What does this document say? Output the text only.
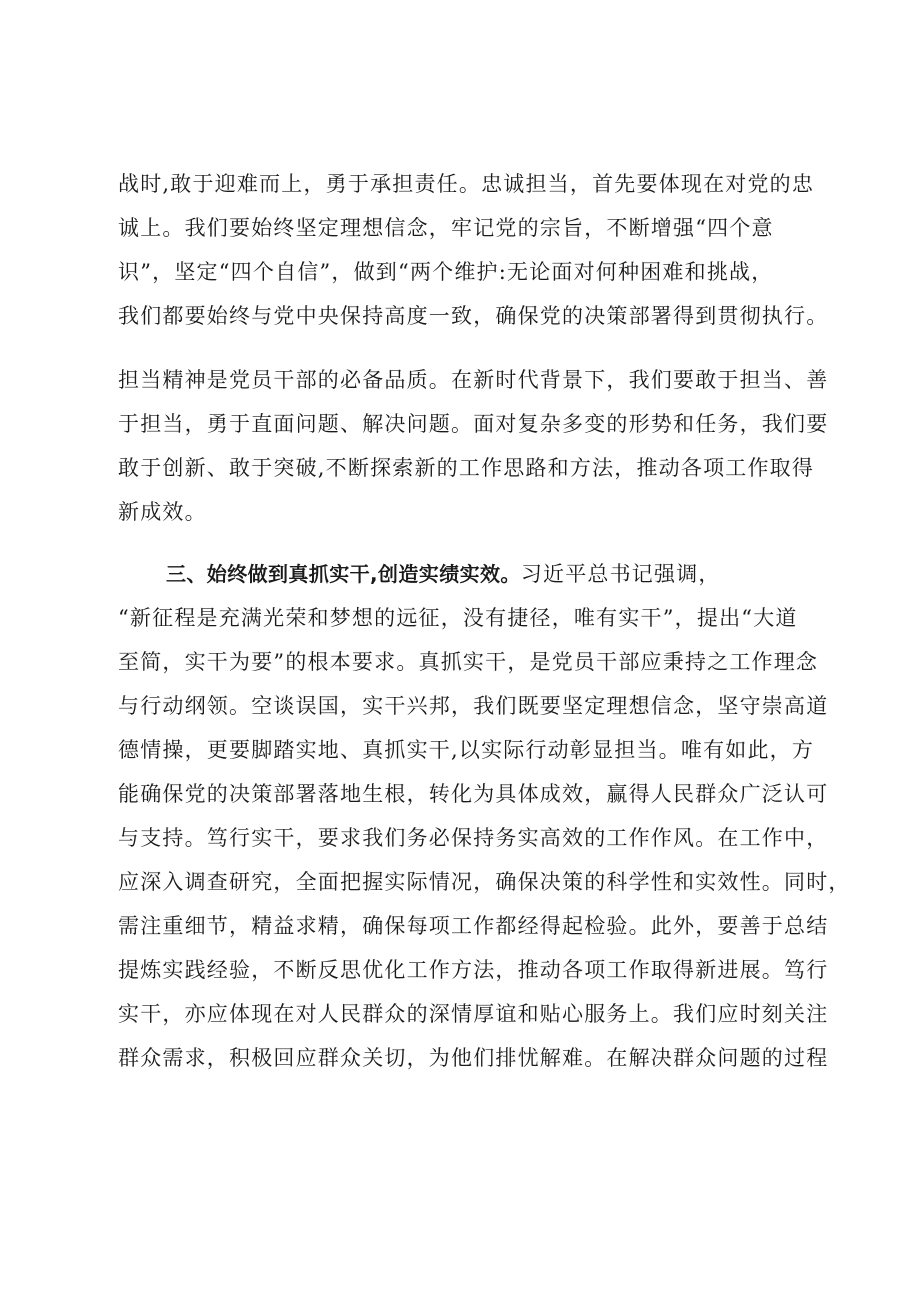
战时,敢于迎难而上，勇于承担责任。忠诚担当，首先要体现在对党的忠
诚上。我们要始终坚定理想信念，牢记党的宗旨，不断增强“四个意
识”，坚定“四个自信”，做到“两个维护:无论面对何种困难和挑战，
我们都要始终与党中央保持高度一致，确保党的决策部署得到贯彻执行。
担当精神是党员干部的必备品质。在新时代背景下，我们要敢于担当、善
于担当，勇于直面问题、解决问题。面对复杂多变的形势和任务，我们要
敢于创新、敢于突破,不断探索新的工作思路和方法，推动各项工作取得
新成效。
三、始终做到真抓实干,创造实绩实效。习近平总书记强调，
“新征程是充满光荣和梦想的远征，没有捷径，唯有实干”，提出“大道
至简，实干为要”的根本要求。真抓实干，是党员干部应秉持之工作理念
与行动纲领。空谈误国，实干兴邦，我们既要坚定理想信念，坚守崇高道
德情操，更要脚踏实地、真抓实干,以实际行动彰显担当。唯有如此，方
能确保党的决策部署落地生根，转化为具体成效，赢得人民群众广泛认可
与支持。笃行实干，要求我们务必保持务实高效的工作作风。在工作中，
应深入调查研究，全面把握实际情况，确保决策的科学性和实效性。同时，
需注重细节，精益求精，确保每项工作都经得起检验。此外，要善于总结
提炼实践经验，不断反思优化工作方法，推动各项工作取得新进展。笃行
实干，亦应体现在对人民群众的深情厚谊和贴心服务上。我们应时刻关注
群众需求，积极回应群众关切，为他们排忧解难。在解决群众问题的过程
